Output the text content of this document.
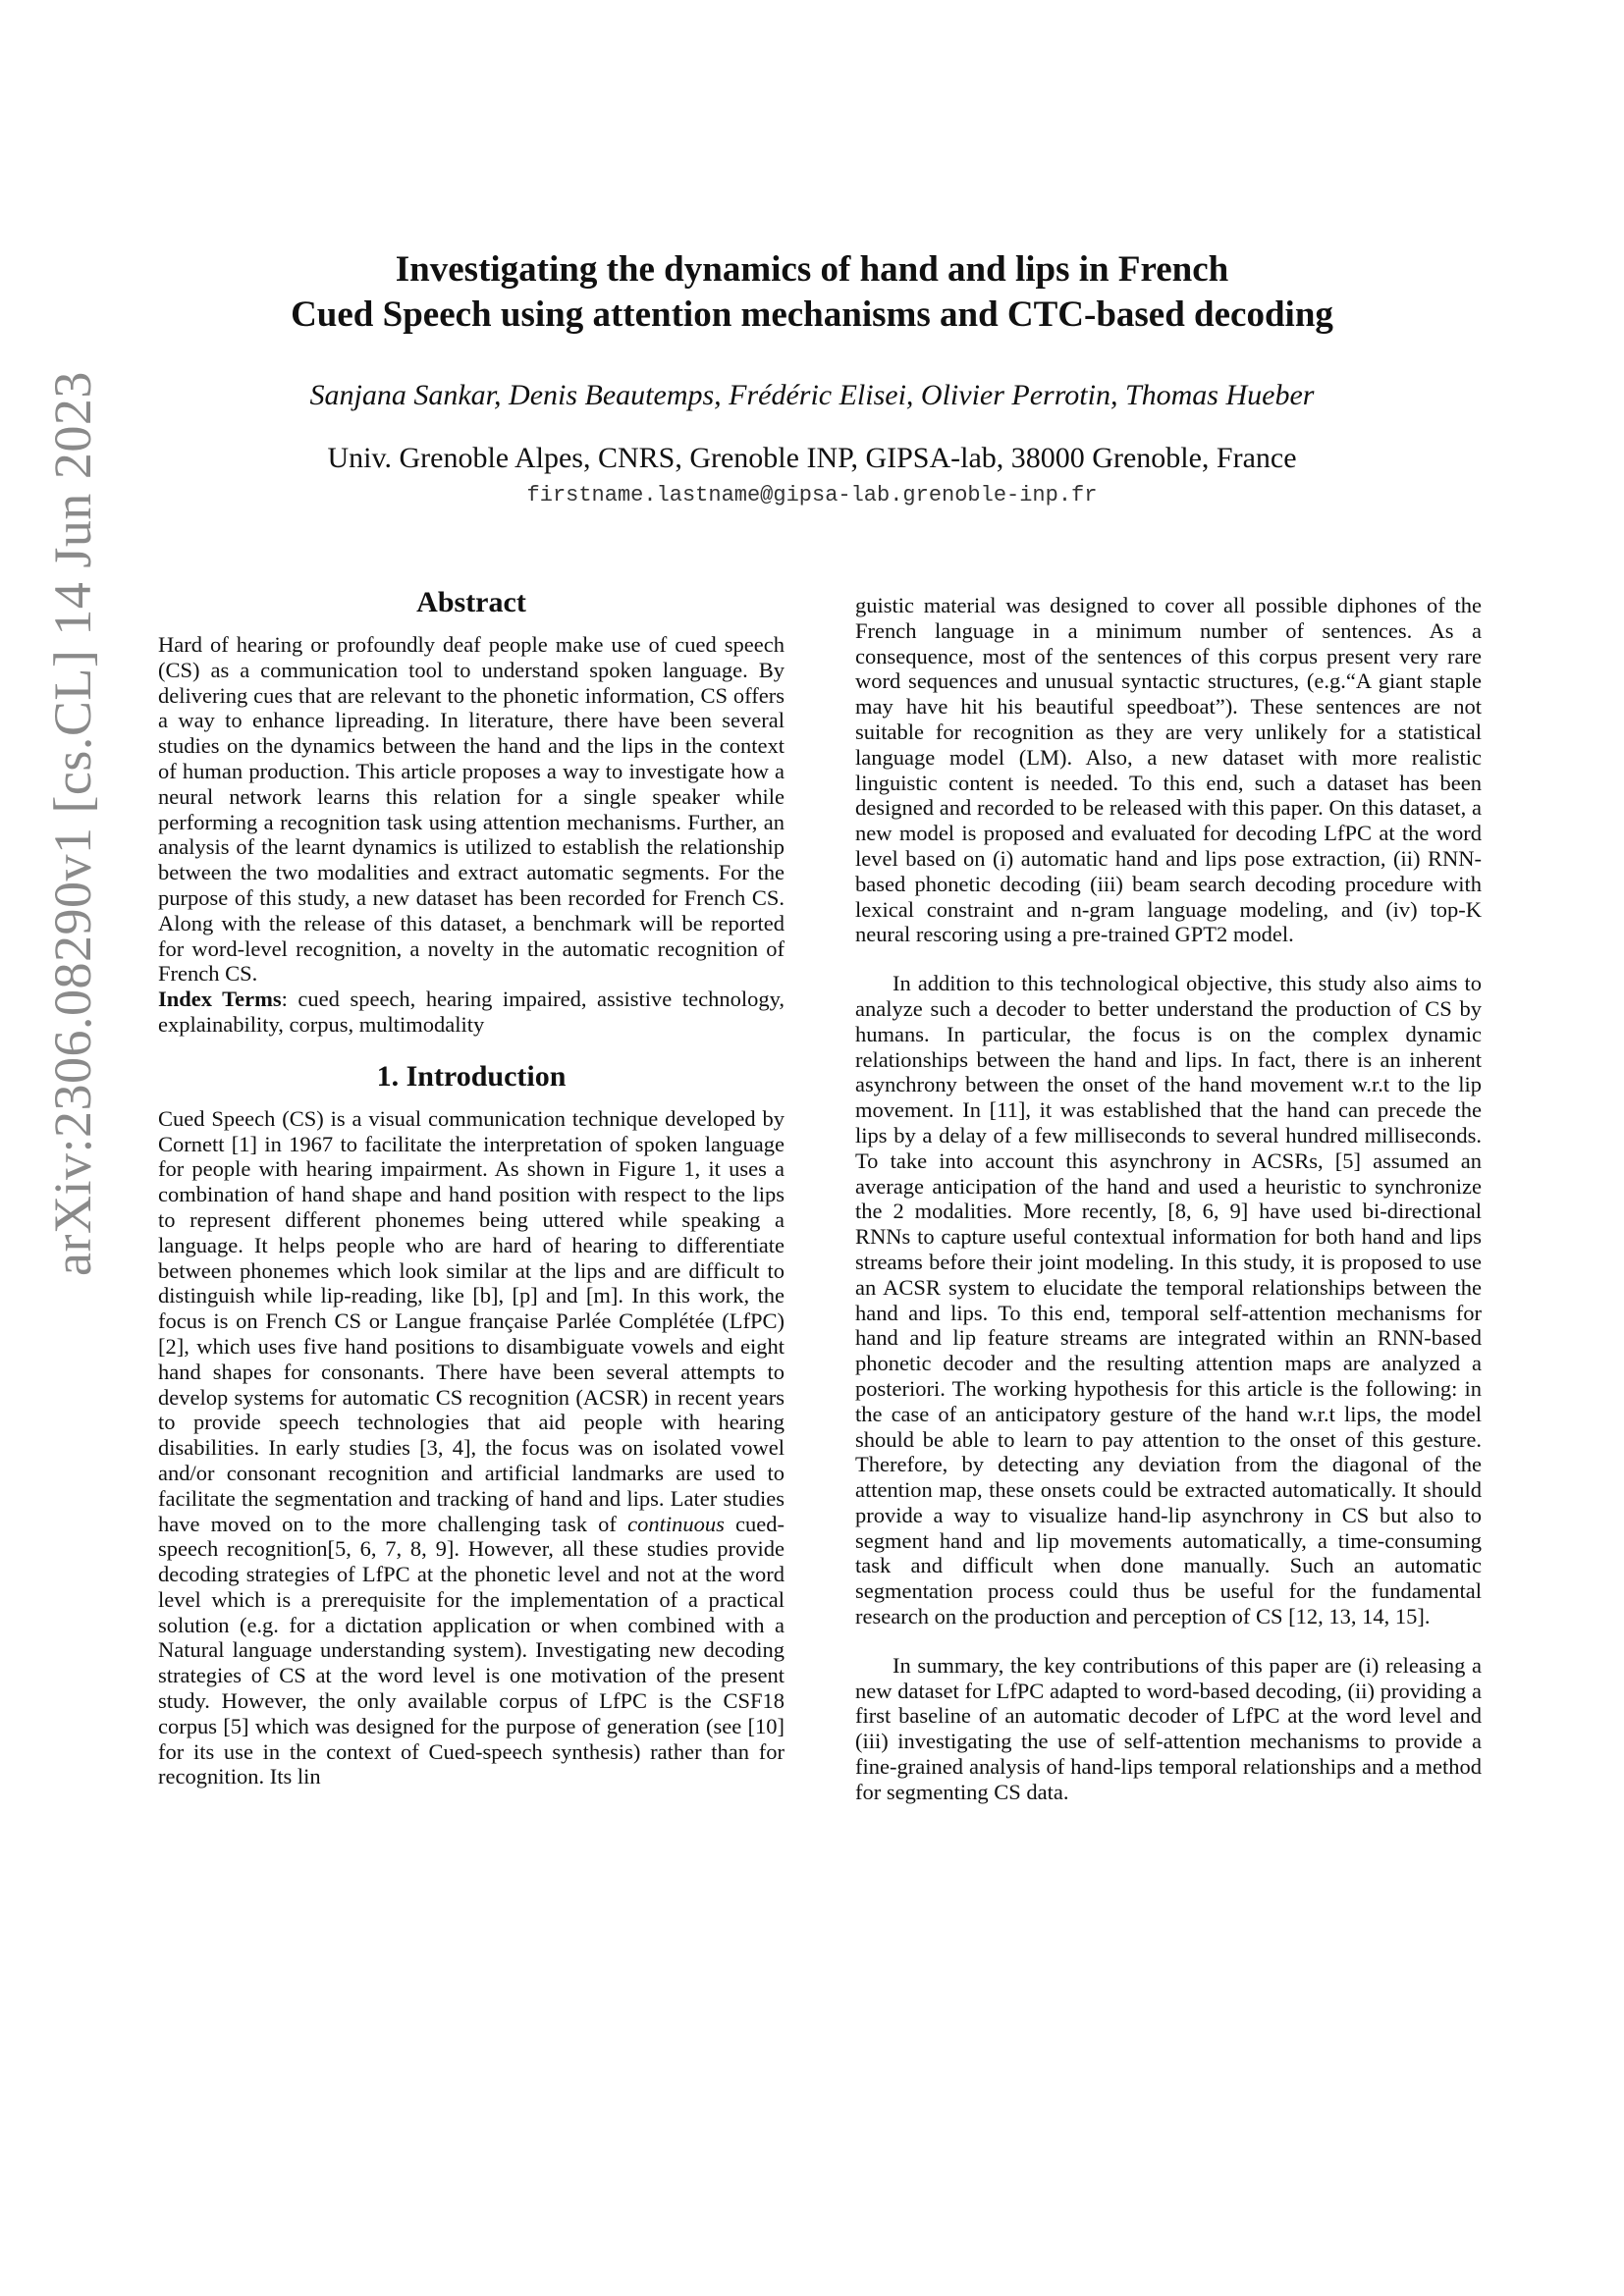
arXiv:2306.08290v1 [cs.CL] 14 Jun 2023
Investigating the dynamics of hand and lips in French
Cued Speech using attention mechanisms and CTC-based decoding
Sanjana Sankar, Denis Beautemps, Frédéric Elisei, Olivier Perrotin, Thomas Hueber
Univ. Grenoble Alpes, CNRS, Grenoble INP, GIPSA-lab, 38000 Grenoble, France
firstname.lastname@gipsa-lab.grenoble-inp.fr
Abstract

Hard of hearing or profoundly deaf people make use of cued speech (CS) as a communication tool to understand spoken language. By delivering cues that are relevant to the phonetic information, CS offers a way to enhance lipreading. In literature, there have been several studies on the dynamics between the hand and the lips in the context of human production. This article proposes a way to investigate how a neural network learns this relation for a single speaker while performing a recognition task using attention mechanisms. Further, an analysis of the learnt dynamics is utilized to establish the relationship between the two modalities and extract automatic segments. For the purpose of this study, a new dataset has been recorded for French CS. Along with the release of this dataset, a benchmark will be reported for word-level recognition, a novelty in the automatic recognition of French CS.

Index Terms: cued speech, hearing impaired, assistive technology, explainability, corpus, multimodality

1. Introduction

Cued Speech (CS) is a visual communication technique developed by Cornett [1] in 1967 to facilitate the interpretation of spoken language for people with hearing impairment. As shown in Figure 1, it uses a combination of hand shape and hand position with respect to the lips to represent different phonemes being uttered while speaking a language. It helps people who are hard of hearing to differentiate between phonemes which look similar at the lips and are difficult to distinguish while lip-reading, like [b], [p] and [m]. In this work, the focus is on French CS or Langue française Parlée Complétée (LfPC) [2], which uses five hand positions to disambiguate vowels and eight hand shapes for consonants. There have been several attempts to develop systems for automatic CS recognition (ACSR) in recent years to provide speech technologies that aid people with hearing disabilities. In early studies [3, 4], the focus was on isolated vowel and/or consonant recognition and artificial landmarks are used to facilitate the segmentation and tracking of hand and lips. Later studies have moved on to the more challenging task of continuous cued-speech recognition[5, 6, 7, 8, 9]. However, all these studies provide decoding strategies of LfPC at the phonetic level and not at the word level which is a prerequisite for the implementation of a practical solution (e.g. for a dictation application or when combined with a Natural language understanding system). Investigating new decoding strategies of CS at the word level is one motivation of the present study. However, the only available corpus of LfPC is the CSF18 corpus [5] which was designed for the purpose of generation (see [10] for its use in the context of Cued-speech synthesis) rather than for recognition. Its lin

guistic material was designed to cover all possible diphones of the French language in a minimum number of sentences. As a consequence, most of the sentences of this corpus present very rare word sequences and unusual syntactic structures, (e.g.“A giant staple may have hit his beautiful speedboat”). These sentences are not suitable for recognition as they are very unlikely for a statistical language model (LM). Also, a new dataset with more realistic linguistic content is needed. To this end, such a dataset has been designed and recorded to be released with this paper. On this dataset, a new model is proposed and evaluated for decoding LfPC at the word level based on (i) automatic hand and lips pose extraction, (ii) RNN-based phonetic decoding (iii) beam search decoding procedure with lexical constraint and n-gram language modeling, and (iv) top-K neural rescoring using a pre-trained GPT2 model.

In addition to this technological objective, this study also aims to analyze such a decoder to better understand the production of CS by humans. In particular, the focus is on the complex dynamic relationships between the hand and lips. In fact, there is an inherent asynchrony between the onset of the hand movement w.r.t to the lip movement. In [11], it was established that the hand can precede the lips by a delay of a few milliseconds to several hundred milliseconds. To take into account this asynchrony in ACSRs, [5] assumed an average anticipation of the hand and used a heuristic to synchronize the 2 modalities. More recently, [8, 6, 9] have used bi-directional RNNs to capture useful contextual information for both hand and lips streams before their joint modeling. In this study, it is proposed to use an ACSR system to elucidate the temporal relationships between the hand and lips. To this end, temporal self-attention mechanisms for hand and lip feature streams are integrated within an RNN-based phonetic decoder and the resulting attention maps are analyzed a posteriori. The working hypothesis for this article is the following: in the case of an anticipatory gesture of the hand w.r.t lips, the model should be able to learn to pay attention to the onset of this gesture. Therefore, by detecting any deviation from the diagonal of the attention map, these onsets could be extracted automatically. It should provide a way to visualize hand-lip asynchrony in CS but also to segment hand and lip movements automatically, a time-consuming task and difficult when done manually. Such an automatic segmentation process could thus be useful for the fundamental research on the production and perception of CS [12, 13, 14, 15].

In summary, the key contributions of this paper are (i) releasing a new dataset for LfPC adapted to word-based decoding, (ii) providing a first baseline of an automatic decoder of LfPC at the word level and (iii) investigating the use of self-attention mechanisms to provide a fine-grained analysis of hand-lips temporal relationships and a method for segmenting CS data.
